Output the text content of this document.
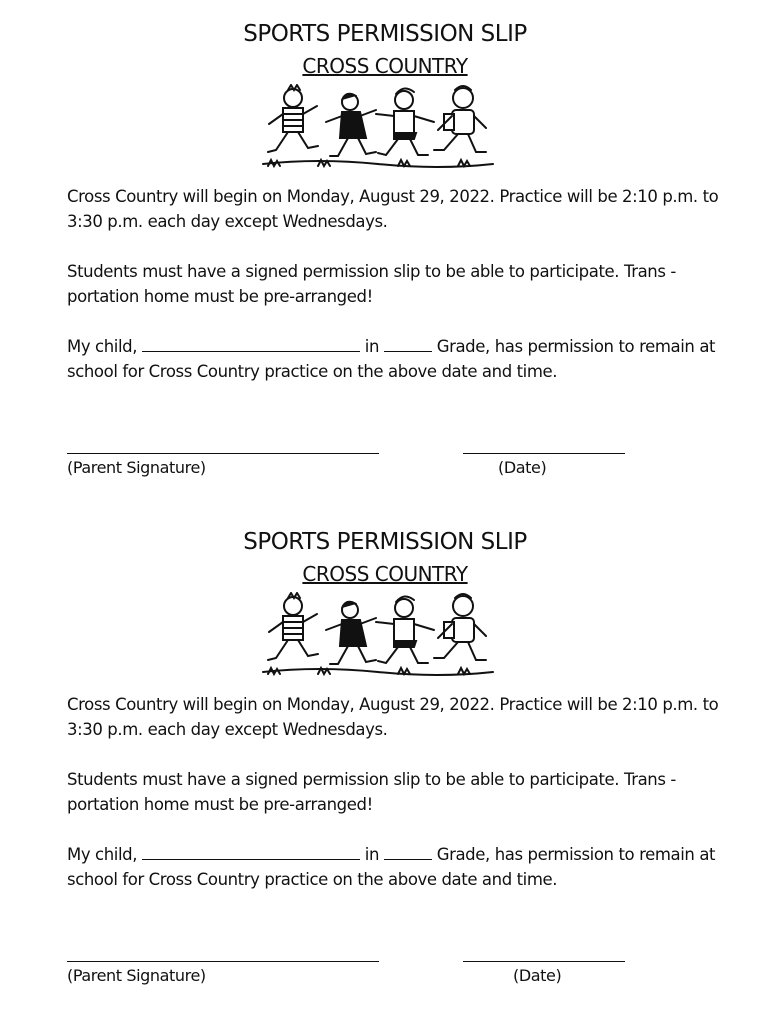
SPORTS PERMISSION SLIP
CROSS COUNTRY
Cross Country will begin on Monday, August 29, 2022. Practice will be 2:10 p.m. to 3:30 p.m. each day except Wednesdays.
Students must have a signed permission slip to be able to participate. Trans - portation home must be pre-arranged!
My child,	in	Grade, has permission to remain at school for Cross Country practice on the above date and time.
(Parent Signature)	(Date)
SPORTS PERMISSION SLIP
CROSS COUNTRY
Cross Country will begin on Monday, August 29, 2022. Practice will be 2:10 p.m. to 3:30 p.m. each day except Wednesdays.
Students must have a signed permission slip to be able to participate. Trans - portation home must be pre-arranged!
My child,	in	Grade, has permission to remain at school for Cross Country practice on the above date and time.
(Parent Signature)	(Date)
